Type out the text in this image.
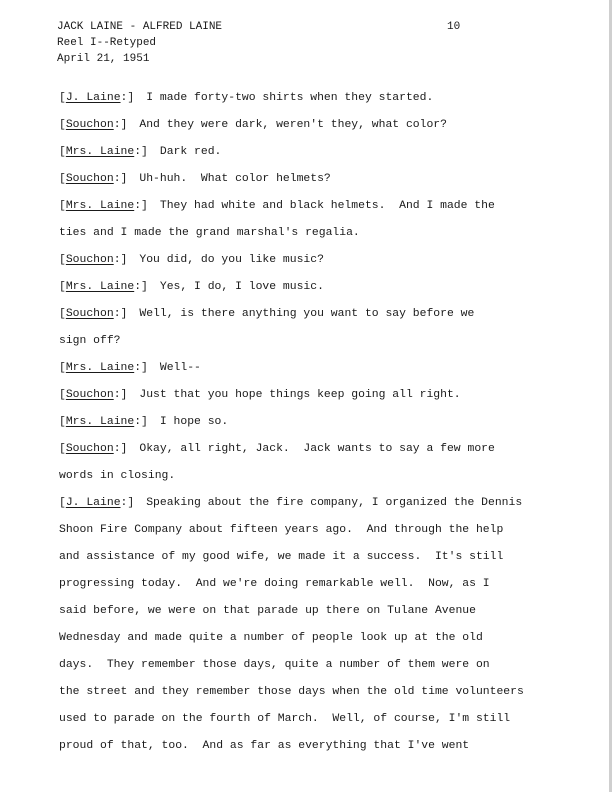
JACK LAINE - ALFRED LAINE
Reel I--Retyped
April 21, 1951
10
[J. Laine:] I made forty-two shirts when they started.
[Souchon:] And they were dark, weren't they, what color?
[Mrs. Laine:] Dark red.
[Souchon:] Uh-huh.  What color helmets?
[Mrs. Laine:] They had white and black helmets.  And I made the
ties and I made the grand marshal's regalia.
[Souchon:] You did, do you like music?
[Mrs. Laine:] Yes, I do, I love music.
[Souchon:] Well, is there anything you want to say before we
sign off?
[Mrs. Laine:] Well--
[Souchon:] Just that you hope things keep going all right.
[Mrs. Laine:] I hope so.
[Souchon:] Okay, all right, Jack.  Jack wants to say a few more
words in closing.
[J. Laine:] Speaking about the fire company, I organized the Dennis
Shoon Fire Company about fifteen years ago.  And through the help
and assistance of my good wife, we made it a success.  It's still
progressing today.  And we're doing remarkable well.  Now, as I
said before, we were on that parade up there on Tulane Avenue
Wednesday and made quite a number of people look up at the old
days.  They remember those days, quite a number of them were on
the street and they remember those days when the old time volunteers
used to parade on the fourth of March.  Well, of course, I'm still
proud of that, too.  And as far as everything that I've went
